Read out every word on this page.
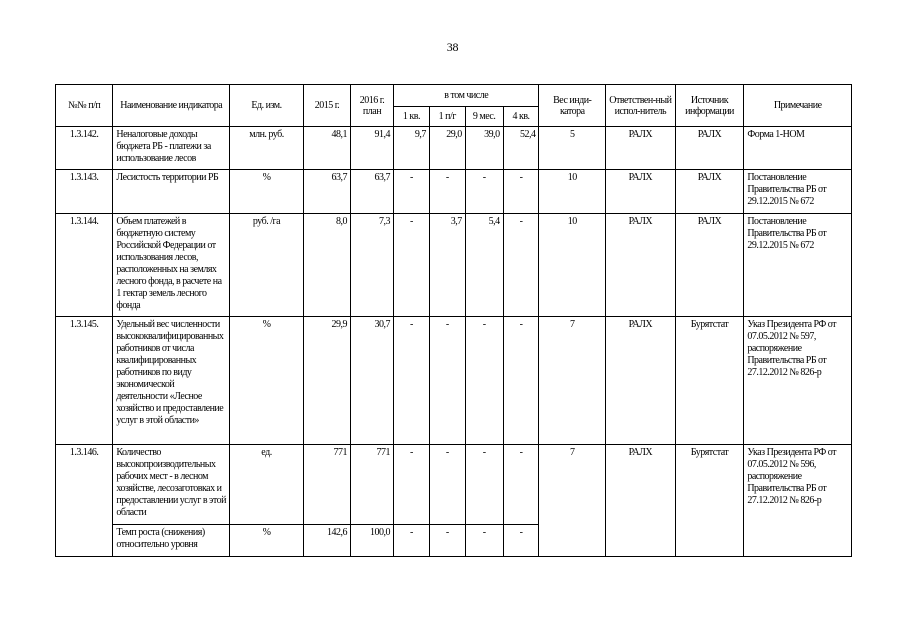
38
№№ п/п	Наименование индикатора	Ед. изм.	2015 г.	2016 г. план	в том числе				Вес инди-катора	Ответствен-ный испол-нитель	Источник информации	Примечание
					1 кв.	1 п/г	9 мес.	4 кв.				
1.3.142.	Неналоговые доходы бюджета РБ - платежи за использование лесов	млн. руб.	48,1	91,4	9,7	29,0	39,0	52,4	5	РАЛХ	РАЛХ	Форма 1-НОМ
1.3.143.	Лесистость территории РБ	%	63,7	63,7	-	-	-	-	10	РАЛХ	РАЛХ	Постановление Правительства РБ от 29.12.2015 № 672
1.3.144.	Объем платежей в бюджетную систему Российской Федерации от использования лесов, расположенных на землях лесного фонда, в расчете на 1 гектар земель лесного фонда	руб. /га	8,0	7,3	-	3,7	5,4	-	10	РАЛХ	РАЛХ	Постановление Правительства РБ от 29.12.2015 № 672
1.3.145.	Удельный вес численности высококвалифицированных работников от числа квалифицированных работников по виду экономической деятельности «Лесное хозяйство и предоставление услуг в этой области»	%	29,9	30,7	-	-	-	-	7	РАЛХ	Бурятстат	Указ Президента РФ от 07.05.2012 № 597, распоряжение Правительства РБ от 27.12.2012 № 826-р
1.3.146.	Количество высокопроизводительных рабочих мест - в лесном хозяйстве, лесозаготовках и предоставлении услуг в этой области	ед.	771	771	-	-	-	-	7	РАЛХ	Бурятстат	Указ Президента РФ от 07.05.2012 № 596, распоряжение Правительства РБ от 27.12.2012 № 826-р
	Темп роста (снижения) относительно уровня	%	142,6	100,0	-	-	-	-				
